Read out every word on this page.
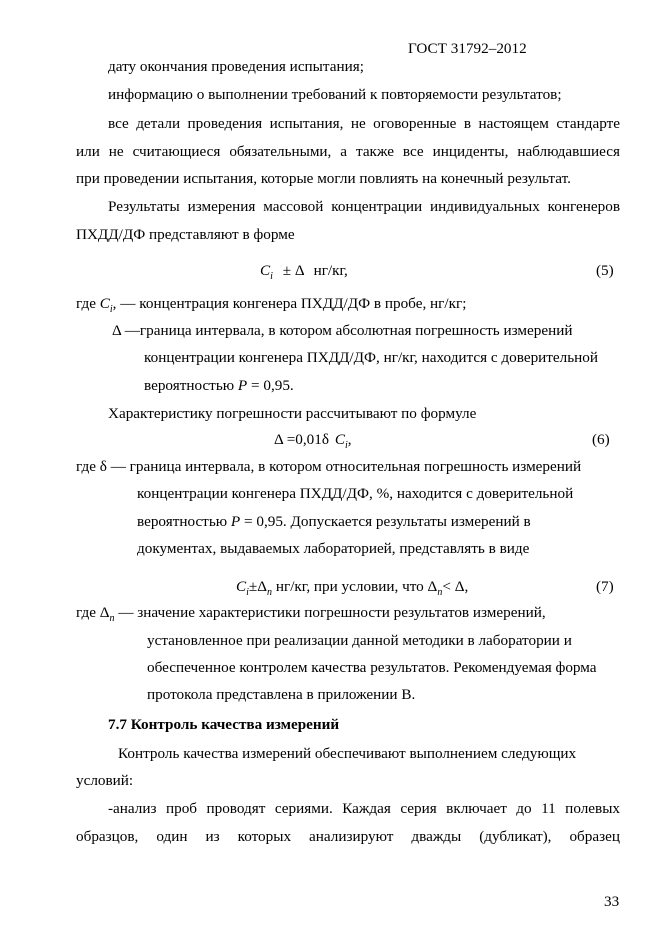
ГОСТ 31792–2012
дату окончания проведения испытания;
информацию о выполнении требований к повторяемости результатов;
все детали проведения испытания, не оговоренные в настоящем стандарте
или не считающиеся обязательными, а также все инциденты, наблюдавшиеся
при проведении испытания, которые могли повлиять на конечный результат.
Результаты измерения массовой концентрации индивидуальных конгенеров
ПХДД/ДФ представляют в форме
$C_i \pm \Delta$ нг/кг,	(5)
где $C_i$, — концентрация конгенера ПХДД/ДФ в пробе, нг/кг;
Δ —граница интервала, в котором абсолютная погрешность измерений
концентрации конгенера ПХДД/ДФ, нг/кг, находится с доверительной
вероятностью P = 0,95.
Характеристику погрешности рассчитывают по формуле
Δ =0,01δ $C_i$,	(6)
где δ — граница интервала, в котором относительная погрешность измерений
концентрации конгенера ПХДД/ДФ, %, находится с доверительной
вероятностью P = 0,95. Допускается результаты измерений в
документах, выдаваемых лабораторией, представлять в виде
$C_i\pm\Delta_n$ нг/кг, при условии, что $\Delta_n< \Delta$,	(7)
где $\Delta_n$ — значение характеристики погрешности результатов измерений,
установленное при реализации данной методики в лаборатории и
обеспеченное контролем качества результатов. Рекомендуемая форма
протокола представлена в приложении В.
7.7 Контроль качества измерений
Контроль качества измерений обеспечивают выполнением следующих
условий:
-анализ проб проводят сериями. Каждая серия включает до 11 полевых
образцов, один из которых анализируют дважды (дубликат), образец
33
